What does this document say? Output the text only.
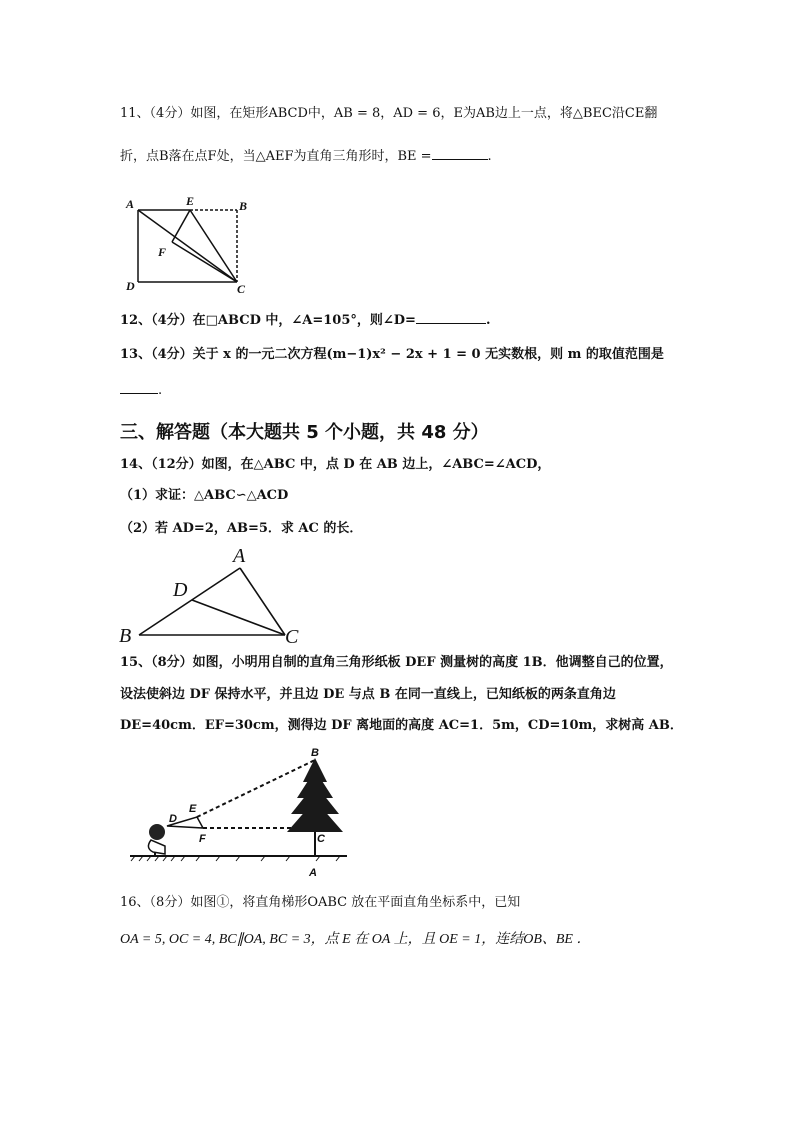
11、（4分）如图，在矩形ABCD中，AB = 8，AD = 6，E为AB边上一点，将△BEC沿CE翻
折，点B落在点F处，当△AEF为直角三角形时，BE =	.
A	E	B
F
D	C
12、（4分）在□ABCD 中，∠A=105°，则∠D=	.
13、（4分）关于 x 的一元二次方程(m−1)x² − 2x + 1 = 0 无实数根，则 m 的取值范围是
.
三、解答题（本大题共 5 个小题，共 48 分）
14、（12分）如图，在△ABC 中，点 D 在 AB 边上，∠ABC=∠ACD，
（1）求证：△ABC∽△ACD
（2）若 AD=2，AB=5．求 AC 的长．
A
D
B	C
15、（8分）如图，小明用自制的直角三角形纸板 DEF 测量树的高度 1B．他调整自己的位置，
设法使斜边 DF 保持水平，并且边 DE 与点 B 在同一直线上，已知纸板的两条直角边
DE=40cm．EF=30cm，测得边 DF 离地面的高度 AC=1．5m，CD=10m，求树高 AB．
B
E
D
F	C
A
16、（8分）如图①，将直角梯形OABC 放在平面直角坐标系中，已知
OA = 5, OC = 4, BC∥OA, BC = 3，点 E 在 OA 上，且 OE = 1，连结OB、BE ．
